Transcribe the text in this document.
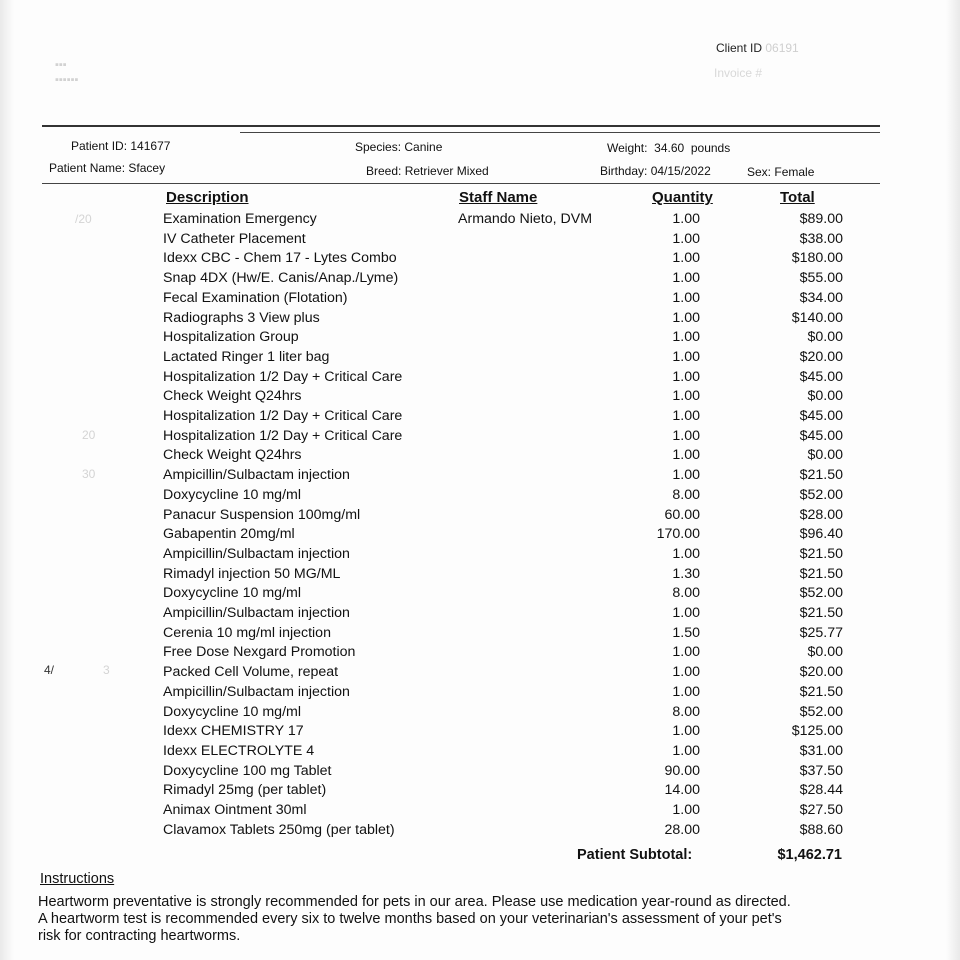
▪▪▪
▪▪▪▪▪▪
Client ID 06191
Invoice #
Patient ID: 141677
Patient Name: Sfacey
Species: Canine
Breed: Retriever Mixed
Weight: 34.60 pounds
Birthday: 04/15/2022	Sex: Female
Description	Staff Name	Quantity	Total
/20
20
30
4/	3
Examination Emergency	Armando Nieto, DVM	1.00	$89.00
IV Catheter Placement	1.00	$38.00
Idexx CBC - Chem 17 - Lytes Combo	1.00	$180.00
Snap 4DX (Hw/E. Canis/Anap./Lyme)	1.00	$55.00
Fecal Examination (Flotation)	1.00	$34.00
Radiographs 3 View plus	1.00	$140.00
Hospitalization Group	1.00	$0.00
Lactated Ringer 1 liter bag	1.00	$20.00
Hospitalization 1/2 Day + Critical Care	1.00	$45.00
Check Weight Q24hrs	1.00	$0.00
Hospitalization 1/2 Day + Critical Care	1.00	$45.00
Hospitalization 1/2 Day + Critical Care	1.00	$45.00
Check Weight Q24hrs	1.00	$0.00
Ampicillin/Sulbactam injection	1.00	$21.50
Doxycycline 10 mg/ml	8.00	$52.00
Panacur Suspension 100mg/ml	60.00	$28.00
Gabapentin 20mg/ml	170.00	$96.40
Ampicillin/Sulbactam injection	1.00	$21.50
Rimadyl injection 50 MG/ML	1.30	$21.50
Doxycycline 10 mg/ml	8.00	$52.00
Ampicillin/Sulbactam injection	1.00	$21.50
Cerenia 10 mg/ml injection	1.50	$25.77
Free Dose Nexgard Promotion	1.00	$0.00
Packed Cell Volume, repeat	1.00	$20.00
Ampicillin/Sulbactam injection	1.00	$21.50
Doxycycline 10 mg/ml	8.00	$52.00
Idexx CHEMISTRY 17	1.00	$125.00
Idexx ELECTROLYTE 4	1.00	$31.00
Doxycycline 100 mg Tablet	90.00	$37.50
Rimadyl 25mg (per tablet)	14.00	$28.44
Animax Ointment 30ml	1.00	$27.50
Clavamox Tablets 250mg (per tablet)	28.00	$88.60
Patient Subtotal:	$1,462.71
Instructions
Heartworm preventative is strongly recommended for pets in our area. Please use medication year-round as directed.
A heartworm test is recommended every six to twelve months based on your veterinarian's assessment of your pet's
risk for contracting heartworms.
